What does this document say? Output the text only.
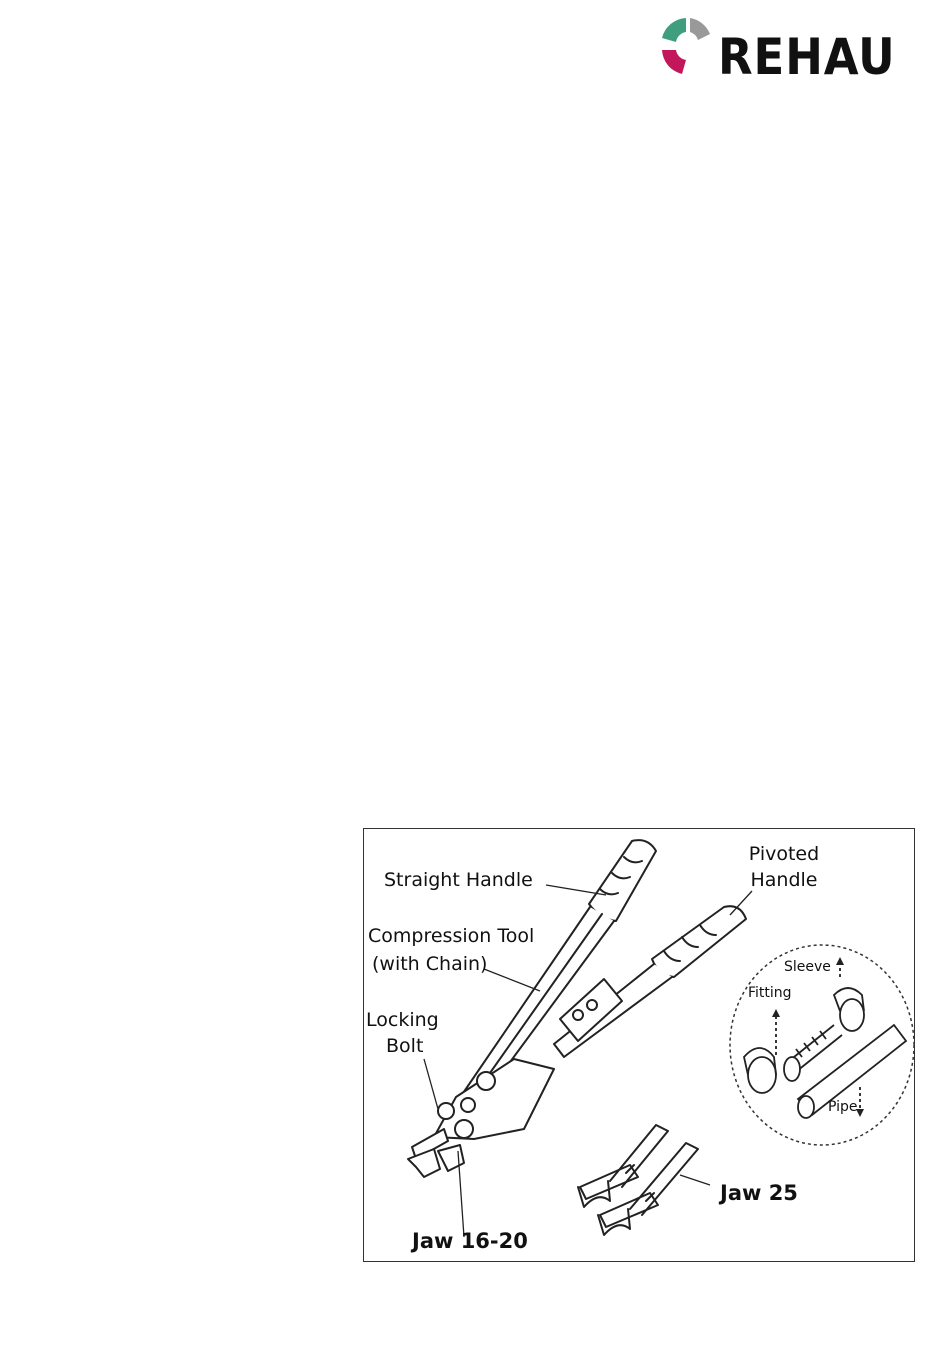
REHAU
Straight Handle
Pivoted
Handle
Compression Tool
(with Chain)
Locking
Bolt
Jaw 16-20
Jaw 25
Sleeve
Fitting
Pipe
